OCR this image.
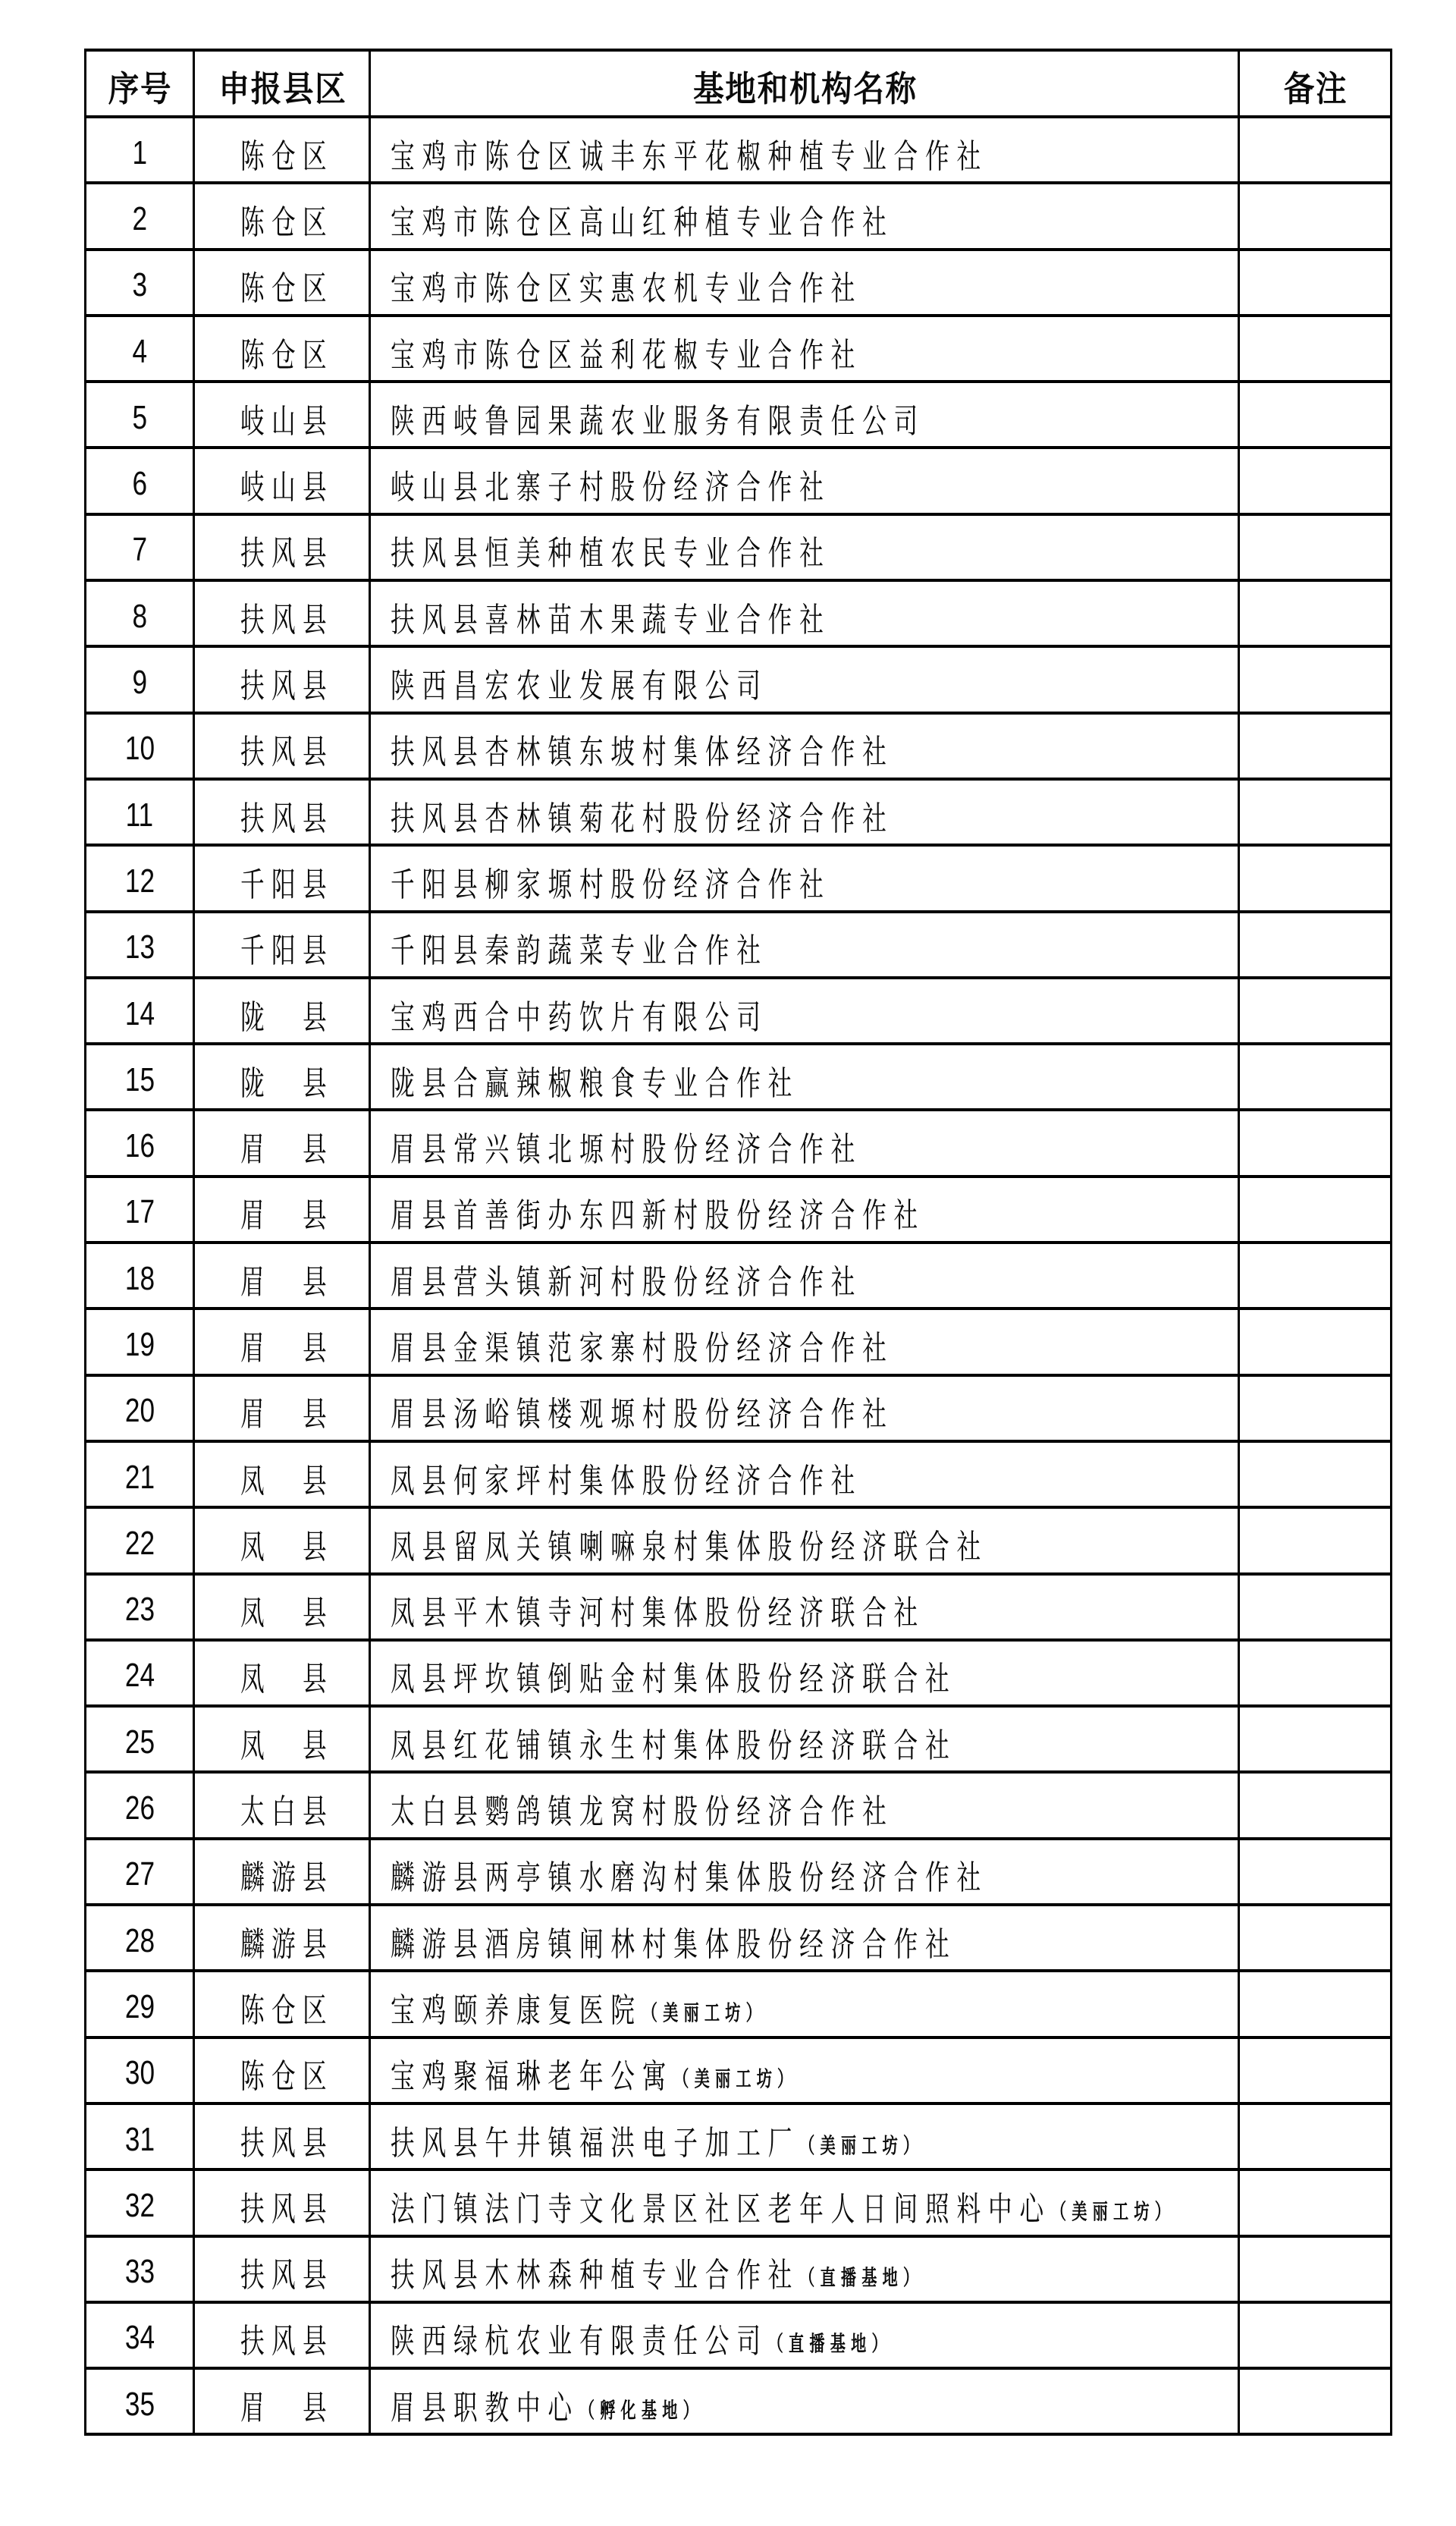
序号	申报县区	基地和机构名称	备注
1	陈仓区	宝鸡市陈仓区诚丰东平花椒种植专业合作社	
2	陈仓区	宝鸡市陈仓区高山红种植专业合作社	
3	陈仓区	宝鸡市陈仓区实惠农机专业合作社	
4	陈仓区	宝鸡市陈仓区益利花椒专业合作社	
5	岐山县	陕西岐鲁园果蔬农业服务有限责任公司	
6	岐山县	岐山县北寨子村股份经济合作社	
7	扶风县	扶风县恒美种植农民专业合作社	
8	扶风县	扶风县喜林苗木果蔬专业合作社	
9	扶风县	陕西昌宏农业发展有限公司	
10	扶风县	扶风县杏林镇东坡村集体经济合作社	
11	扶风县	扶风县杏林镇菊花村股份经济合作社	
12	千阳县	千阳县柳家塬村股份经济合作社	
13	千阳县	千阳县秦韵蔬菜专业合作社	
14	陇　县	宝鸡西合中药饮片有限公司	
15	陇　县	陇县合赢辣椒粮食专业合作社	
16	眉　县	眉县常兴镇北塬村股份经济合作社	
17	眉　县	眉县首善街办东四新村股份经济合作社	
18	眉　县	眉县营头镇新河村股份经济合作社	
19	眉　县	眉县金渠镇范家寨村股份经济合作社	
20	眉　县	眉县汤峪镇楼观塬村股份经济合作社	
21	凤　县	凤县何家坪村集体股份经济合作社	
22	凤　县	凤县留凤关镇喇嘛泉村集体股份经济联合社	
23	凤　县	凤县平木镇寺河村集体股份经济联合社	
24	凤　县	凤县坪坎镇倒贴金村集体股份经济联合社	
25	凤　县	凤县红花铺镇永生村集体股份经济联合社	
26	太白县	太白县鹦鸽镇龙窝村股份经济合作社	
27	麟游县	麟游县两亭镇水磨沟村集体股份经济合作社	
28	麟游县	麟游县酒房镇闸林村集体股份经济合作社	
29	陈仓区	宝鸡颐养康复医院（美丽工坊）	
30	陈仓区	宝鸡聚福琳老年公寓（美丽工坊）	
31	扶风县	扶风县午井镇福洪电子加工厂（美丽工坊）	
32	扶风县	法门镇法门寺文化景区社区老年人日间照料中心（美丽工坊）	
33	扶风县	扶风县木林森种植专业合作社（直播基地）	
34	扶风县	陕西绿杭农业有限责任公司（直播基地）	
35	眉　县	眉县职教中心（孵化基地）	
